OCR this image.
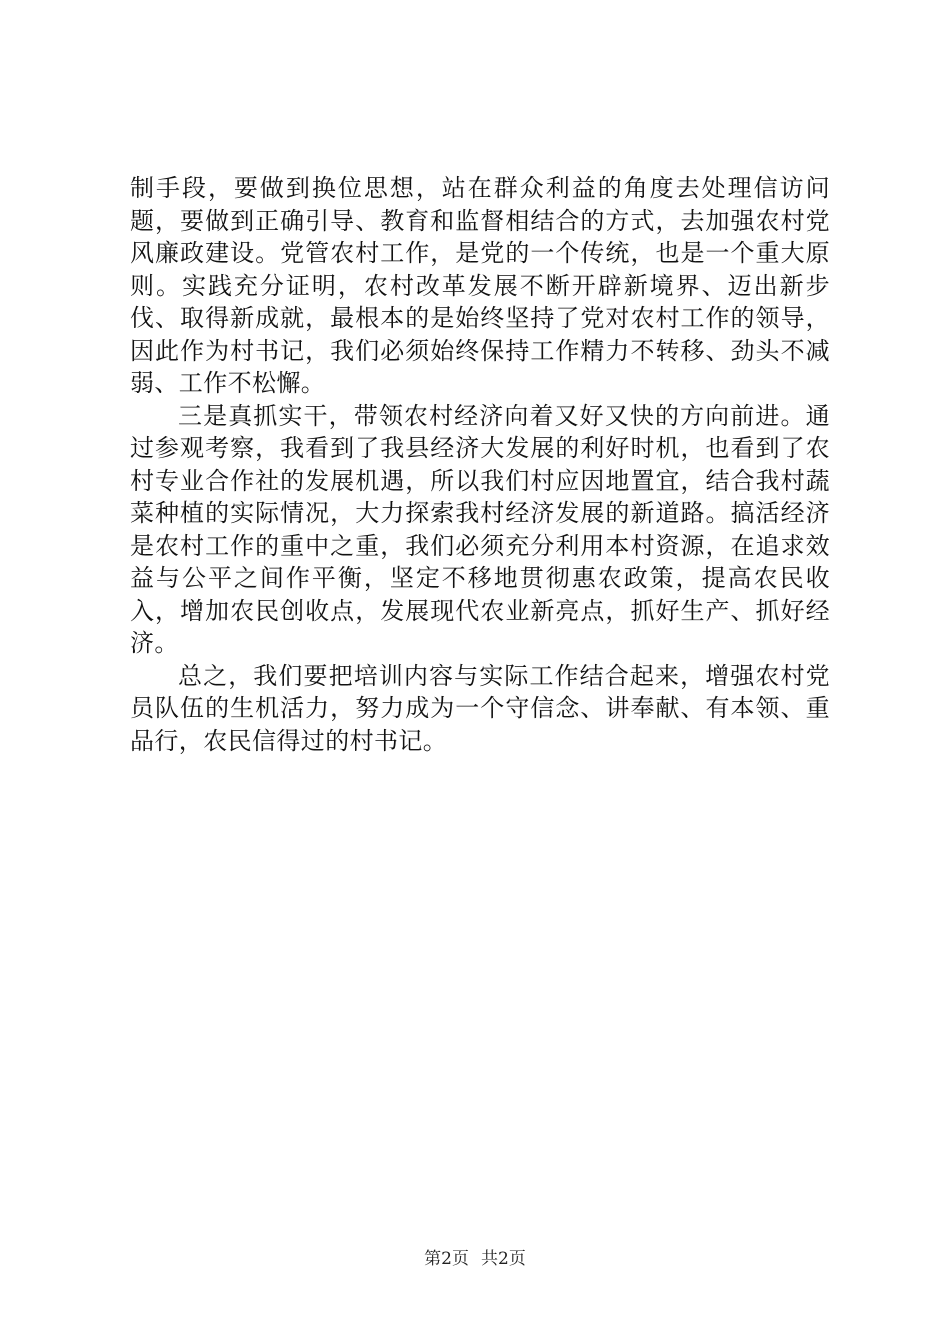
制手段，要做到换位思想，站在群众利益的角度去处理信访问题，要做到正确引导、教育和监督相结合的方式，去加强农村党风廉政建设。党管农村工作，是党的一个传统，也是一个重大原则。实践充分证明，农村改革发展不断开辟新境界、迈出新步伐、取得新成就，最根本的是始终坚持了党对农村工作的领导，因此作为村书记，我们必须始终保持工作精力不转移、劲头不减弱、工作不松懈。

三是真抓实干，带领农村经济向着又好又快的方向前进。通过参观考察，我看到了我县经济大发展的利好时机，也看到了农村专业合作社的发展机遇，所以我们村应因地置宜，结合我村蔬菜种植的实际情况，大力探索我村经济发展的新道路。搞活经济是农村工作的重中之重，我们必须充分利用本村资源，在追求效益与公平之间作平衡，坚定不移地贯彻惠农政策，提高农民收入，增加农民创收点，发展现代农业新亮点，抓好生产、抓好经济。

总之，我们要把培训内容与实际工作结合起来，增强农村党员队伍的生机活力，努力成为一个守信念、讲奉献、有本领、重品行，农民信得过的村书记。

第2页 共2页
